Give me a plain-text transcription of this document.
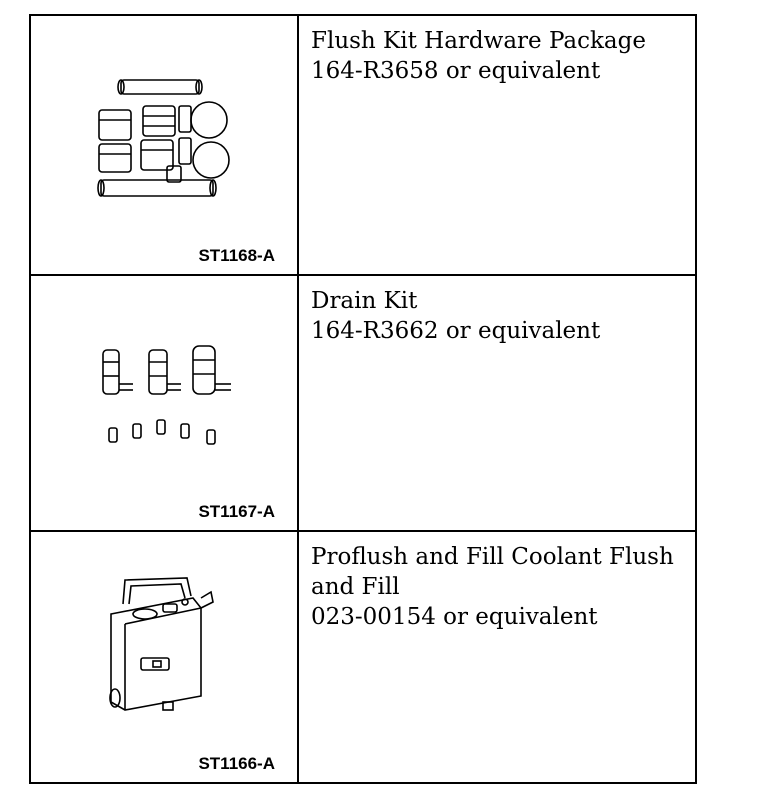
ST1168-A
Flush Kit Hardware Package
164-R3658 or equivalent
ST1167-A
Drain Kit
164-R3662 or equivalent
ST1166-A
Proflush and Fill Coolant Flush
and Fill
023-00154 or equivalent
